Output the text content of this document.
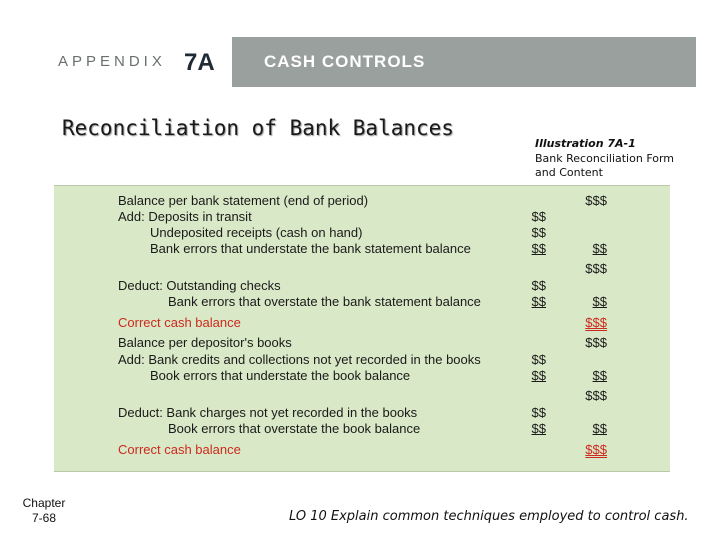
APPENDIX 7A	CASH CONTROLS
Reconciliation of Bank Balances
Illustration 7A-1
Bank Reconciliation Form and Content
Balance per bank statement (end of period)	$$$
Add: Deposits in transit	$$
Undeposited receipts (cash on hand)	$$
Bank errors that understate the bank statement balance	$$	$$
$$$
Deduct: Outstanding checks	$$
Bank errors that overstate the bank statement balance	$$	$$
Correct cash balance	$$$
Balance per depositor's books	$$$
Add: Bank credits and collections not yet recorded in the books	$$
Book errors that understate the book balance	$$	$$
$$$
Deduct: Bank charges not yet recorded in the books	$$
Book errors that overstate the book balance	$$	$$
Correct cash balance	$$$
Chapter
7-68	LO 10 Explain common techniques employed to control cash.
